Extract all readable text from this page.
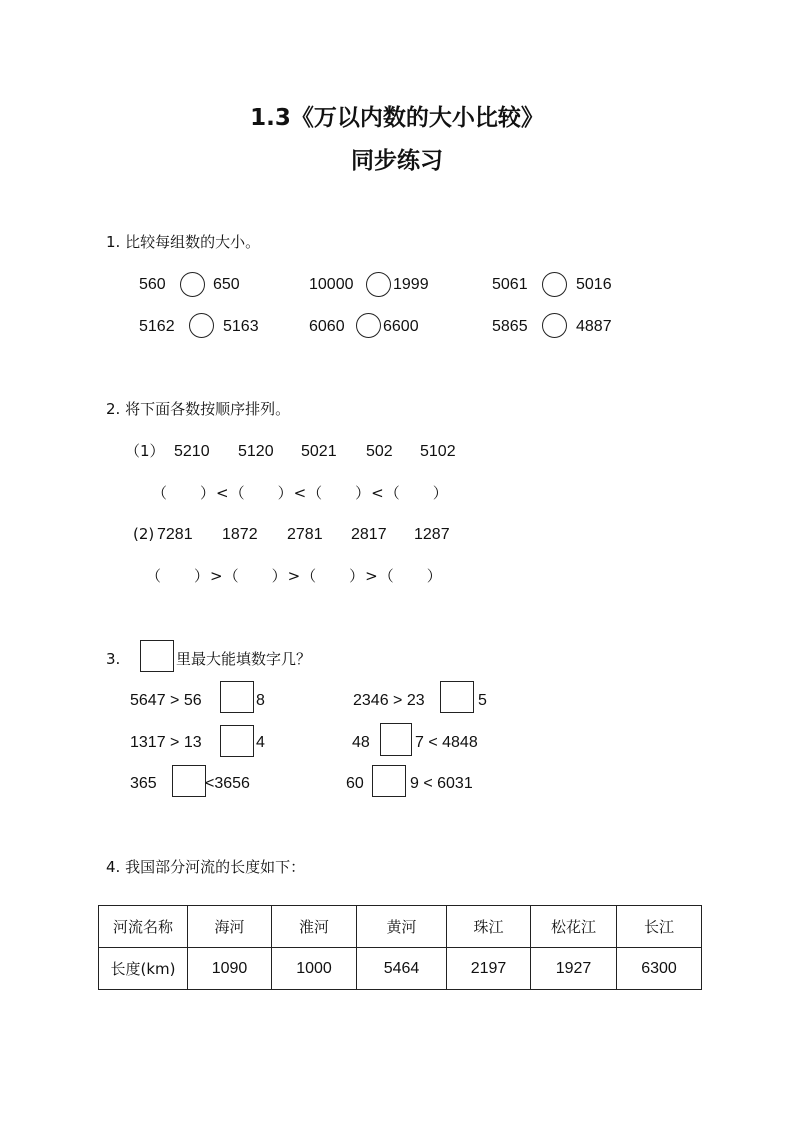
1.3《万以内数的大小比较》
同步练习
1. 比较每组数的大小。
560	650	10000 1999	5061	5016
5162	5163	6060 6600	5865	4887
2. 将下面各数按顺序排列。
（1） 5210 5120 5021 502 5102
（　　）<（　　）<（　　）<（　　）
(2) 7281 1872 2781 2817 1287
（　　）>（　　）>（　　）>（　　）
3.	里最大能填数字几？
5647 > 56	8	2346 > 23	5
1317 > 13	4	48	7 < 4848
365	<3656	60	9 < 6031
4. 我国部分河流的长度如下：
河流名称	海河	淮河	黄河	珠江	松花江	长江
长度(km)	1090	1000	5464	2197	1927	6300
